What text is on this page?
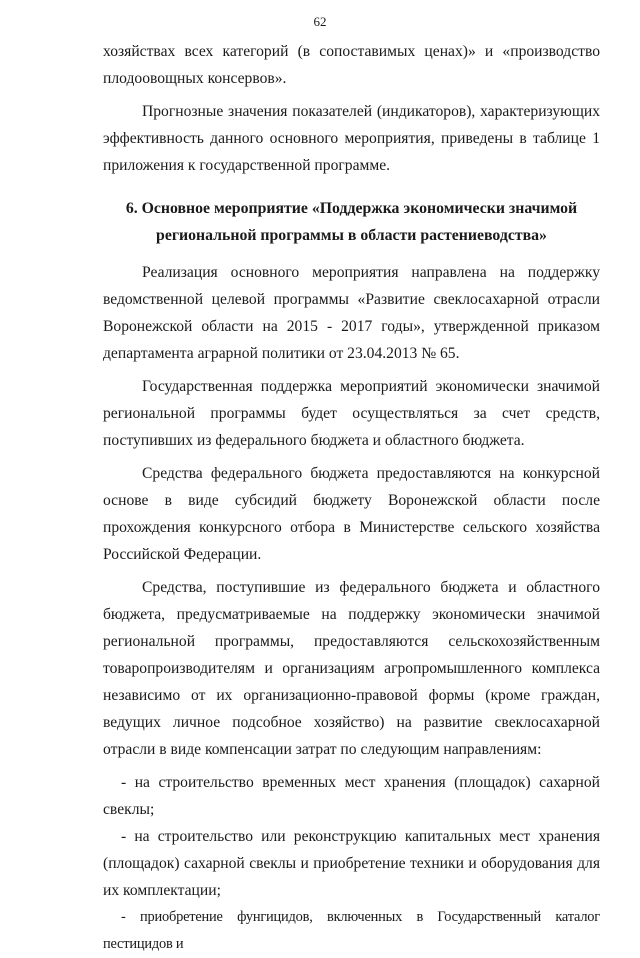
62

хозяйствах всех категорий (в сопоставимых ценах)» и «производство плодоовощных консервов».

Прогнозные значения показателей (индикаторов), характеризующих эффективность данного основного мероприятия, приведены в таблице 1 приложения к государственной программе.

6. Основное мероприятие «Поддержка экономически значимой региональной программы в области растениеводства»

Реализация основного мероприятия направлена на поддержку ведомственной целевой программы «Развитие свеклосахарной отрасли Воронежской области на 2015 - 2017 годы», утвержденной приказом департамента аграрной политики от 23.04.2013 № 65.

Государственная поддержка мероприятий экономически значимой региональной программы будет осуществляться за счет средств, поступивших из федерального бюджета и областного бюджета.

Средства федерального бюджета предоставляются на конкурсной основе в виде субсидий бюджету Воронежской области после прохождения конкурсного отбора в Министерстве сельского хозяйства Российской Федерации.

Средства, поступившие из федерального бюджета и областного бюджета, предусматриваемые на поддержку экономически значимой региональной программы, предоставляются сельскохозяйственным товаропроизводителям и организациям агропромышленного комплекса независимо от их организационно-правовой формы (кроме граждан, ведущих личное подсобное хозяйство) на развитие свеклосахарной отрасли в виде компенсации затрат по следующим направлениям:

- на строительство временных мест хранения (площадок) сахарной свеклы;

- на строительство или реконструкцию капитальных мест хранения (площадок) сахарной свеклы и приобретение техники и оборудования для их комплектации;

- приобретение фунгицидов, включенных в Государственный каталог пестицидов и
